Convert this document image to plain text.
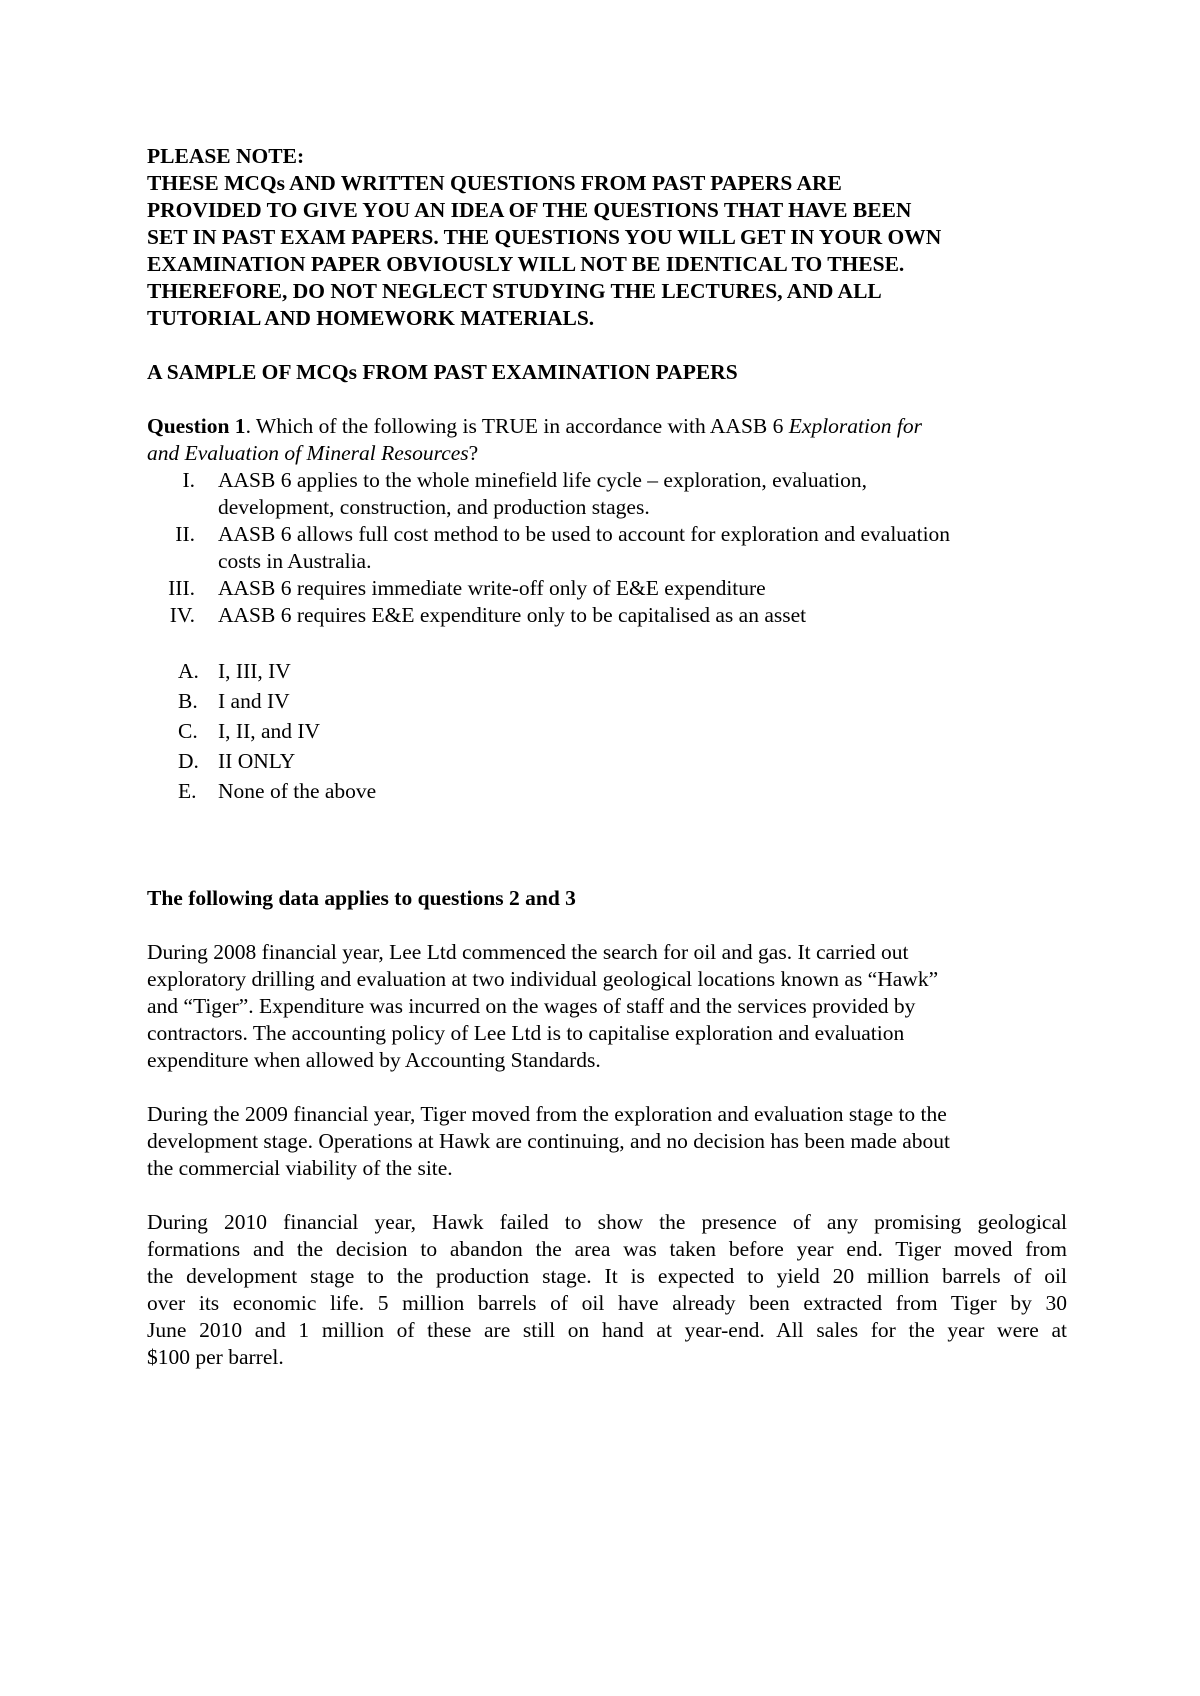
PLEASE NOTE:

THESE MCQs AND WRITTEN QUESTIONS FROM PAST PAPERS ARE

PROVIDED TO GIVE YOU AN IDEA OF THE QUESTIONS THAT HAVE BEEN

SET IN PAST EXAM PAPERS. THE QUESTIONS YOU WILL GET IN YOUR OWN

EXAMINATION PAPER OBVIOUSLY WILL NOT BE IDENTICAL TO THESE.

THEREFORE, DO NOT NEGLECT STUDYING THE LECTURES, AND ALL

TUTORIAL AND HOMEWORK MATERIALS.

A SAMPLE OF MCQs FROM PAST EXAMINATION PAPERS

Question 1. Which of the following is TRUE in accordance with AASB 6 Exploration for
and Evaluation of Mineral Resources?
I. AASB 6 applies to the whole minefield life cycle – exploration, evaluation,
development, construction, and production stages.
II. AASB 6 allows full cost method to be used to account for exploration and evaluation
costs in Australia.
III. AASB 6 requires immediate write-off only of E&E expenditure
IV. AASB 6 requires E&E expenditure only to be capitalised as an asset
A. I, III, IV
B. I and IV
C. I, II, and IV
D. II ONLY
E. None of the above

The following data applies to questions 2 and 3

During 2008 financial year, Lee Ltd commenced the search for oil and gas. It carried out
exploratory drilling and evaluation at two individual geological locations known as “Hawk”
and “Tiger”. Expenditure was incurred on the wages of staff and the services provided by
contractors. The accounting policy of Lee Ltd is to capitalise exploration and evaluation
expenditure when allowed by Accounting Standards.
During the 2009 financial year, Tiger moved from the exploration and evaluation stage to the
development stage. Operations at Hawk are continuing, and no decision has been made about
the commercial viability of the site.
During 2010 financial year, Hawk failed to show the presence of any promising geological
formations and the decision to abandon the area was taken before year end. Tiger moved from
the development stage to the production stage. It is expected to yield 20 million barrels of oil
over its economic life. 5 million barrels of oil have already been extracted from Tiger by 30
June 2010 and 1 million of these are still on hand at year-end. All sales for the year were at
$100 per barrel.
